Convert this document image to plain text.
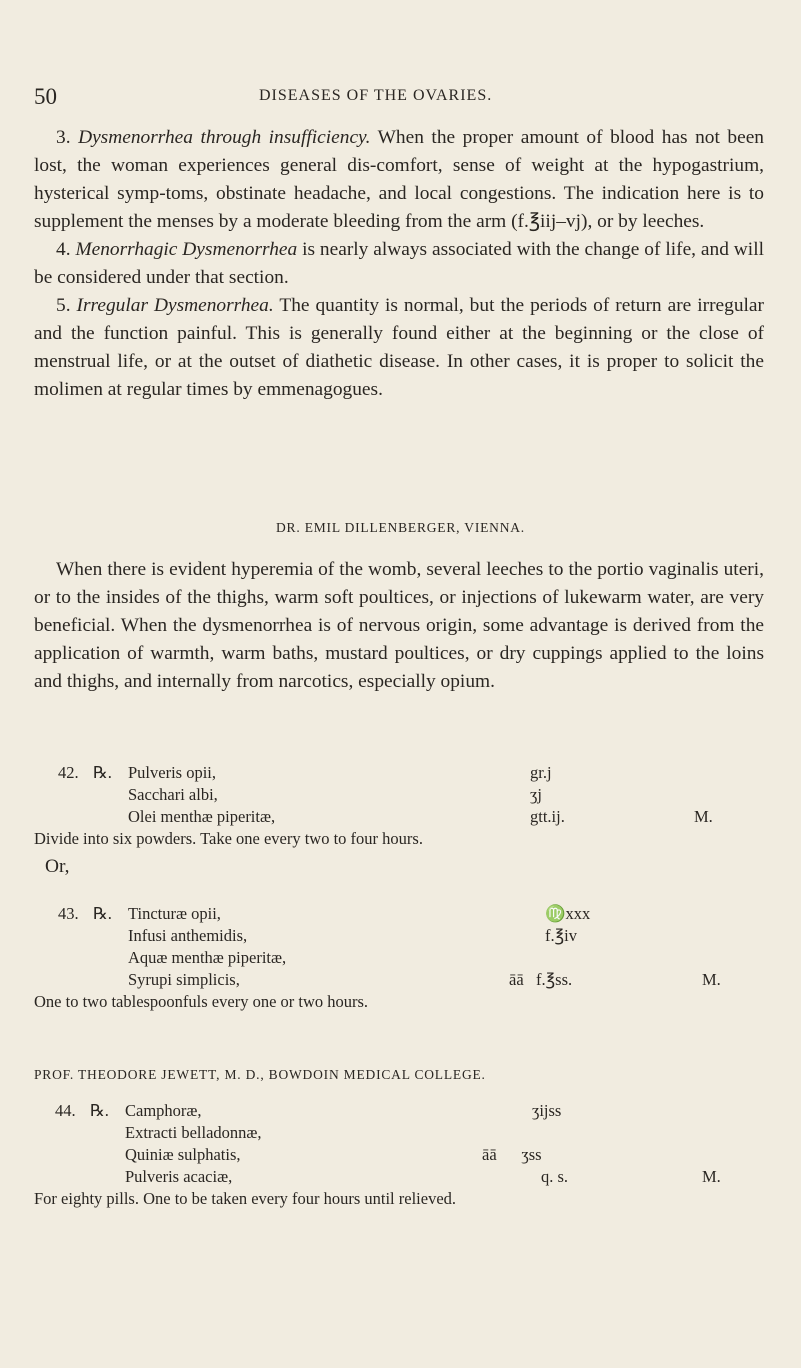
50	DISEASES OF THE OVARIES.

3. Dysmenorrhea through insufficiency. When the proper amount of blood has not been lost, the woman experiences general dis-comfort, sense of weight at the hypogastrium, hysterical symp-toms, obstinate headache, and local congestions. The indication here is to supplement the menses by a moderate bleeding from the arm (f.℥iij–vj), or by leeches.

4. Menorrhagic Dysmenorrhea is nearly always associated with the change of life, and will be considered under that section.

5. Irregular Dysmenorrhea. The quantity is normal, but the periods of return are irregular and the function painful. This is generally found either at the beginning or the close of menstrual life, or at the outset of diathetic disease. In other cases, it is proper to solicit the molimen at regular times by emmenagogues.

DR. EMIL DILLENBERGER, VIENNA.

When there is evident hyperemia of the womb, several leeches to the portio vaginalis uteri, or to the insides of the thighs, warm soft poultices, or injections of lukewarm water, are very beneficial. When the dysmenorrhea is of nervous origin, some advantage is derived from the application of warmth, warm baths, mustard poultices, or dry cuppings applied to the loins and thighs, and internally from narcotics, especially opium.

42. ℞. Pulveris opii,	gr.j
Sacchari albi,	ʒj
Olei menthæ piperitæ,	gtt.ij.	M.
Divide into six powders. Take one every two to four hours.
Or,
43. ℞. Tincturæ opii,	♍xxx
Infusi anthemidis,	f.℥iv
Aquæ menthæ piperitæ,
Syrupi simplicis,	āā   f.℥ss.	M.
One to two tablespoonfuls every one or two hours.
PROF. THEODORE JEWETT, M. D., BOWDOIN MEDICAL COLLEGE.
44. ℞. Camphoræ,	ʒijss
Extracti belladonnæ,
Quiniæ sulphatis,	āā      ʒss
Pulveris acaciæ,	q. s.	M.
For eighty pills. One to be taken every four hours until relieved.
